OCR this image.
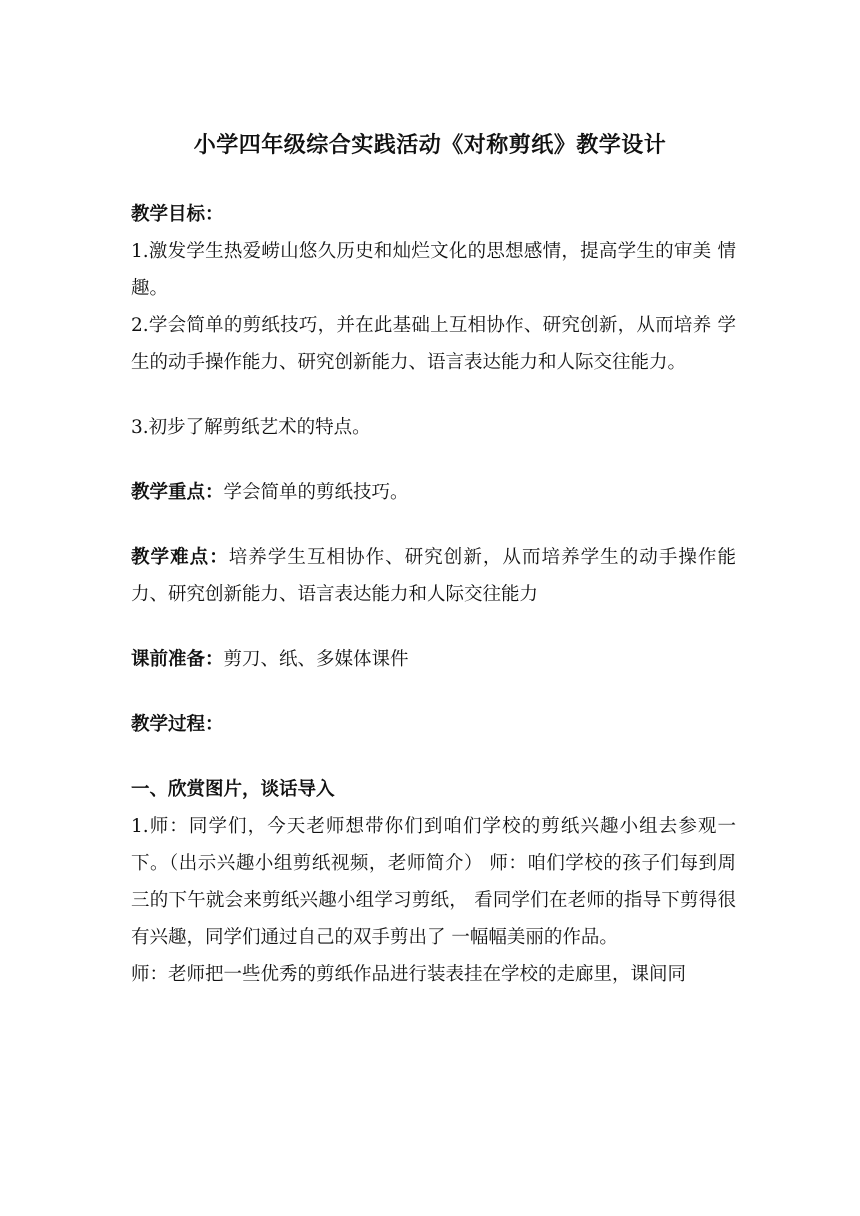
小学四年级综合实践活动《对称剪纸》教学设计

教学目标：

1.激发学生热爱崂山悠久历史和灿烂文化的思想感情，提高学生的审美 情趣。

2.学会简单的剪纸技巧，并在此基础上互相协作、研究创新，从而培养 学生的动手操作能力、研究创新能力、语言表达能力和人际交往能力。

3.初步了解剪纸艺术的特点。

教学重点：学会简单的剪纸技巧。

教学难点：培养学生互相协作、研究创新，从而培养学生的动手操作能力、研究创新能力、语言表达能力和人际交往能力

课前准备：剪刀、纸、多媒体课件

教学过程：

一、欣赏图片，谈话导入

1.师：同学们，今天老师想带你们到咱们学校的剪纸兴趣小组去参观一 下。（出示兴趣小组剪纸视频，老师简介） 师：咱们学校的孩子们每到周三的下午就会来剪纸兴趣小组学习剪纸， 看同学们在老师的指导下剪得很有兴趣，同学们通过自己的双手剪出了 一幅幅美丽的作品。

师：老师把一些优秀的剪纸作品进行装表挂在学校的走廊里，课间同
